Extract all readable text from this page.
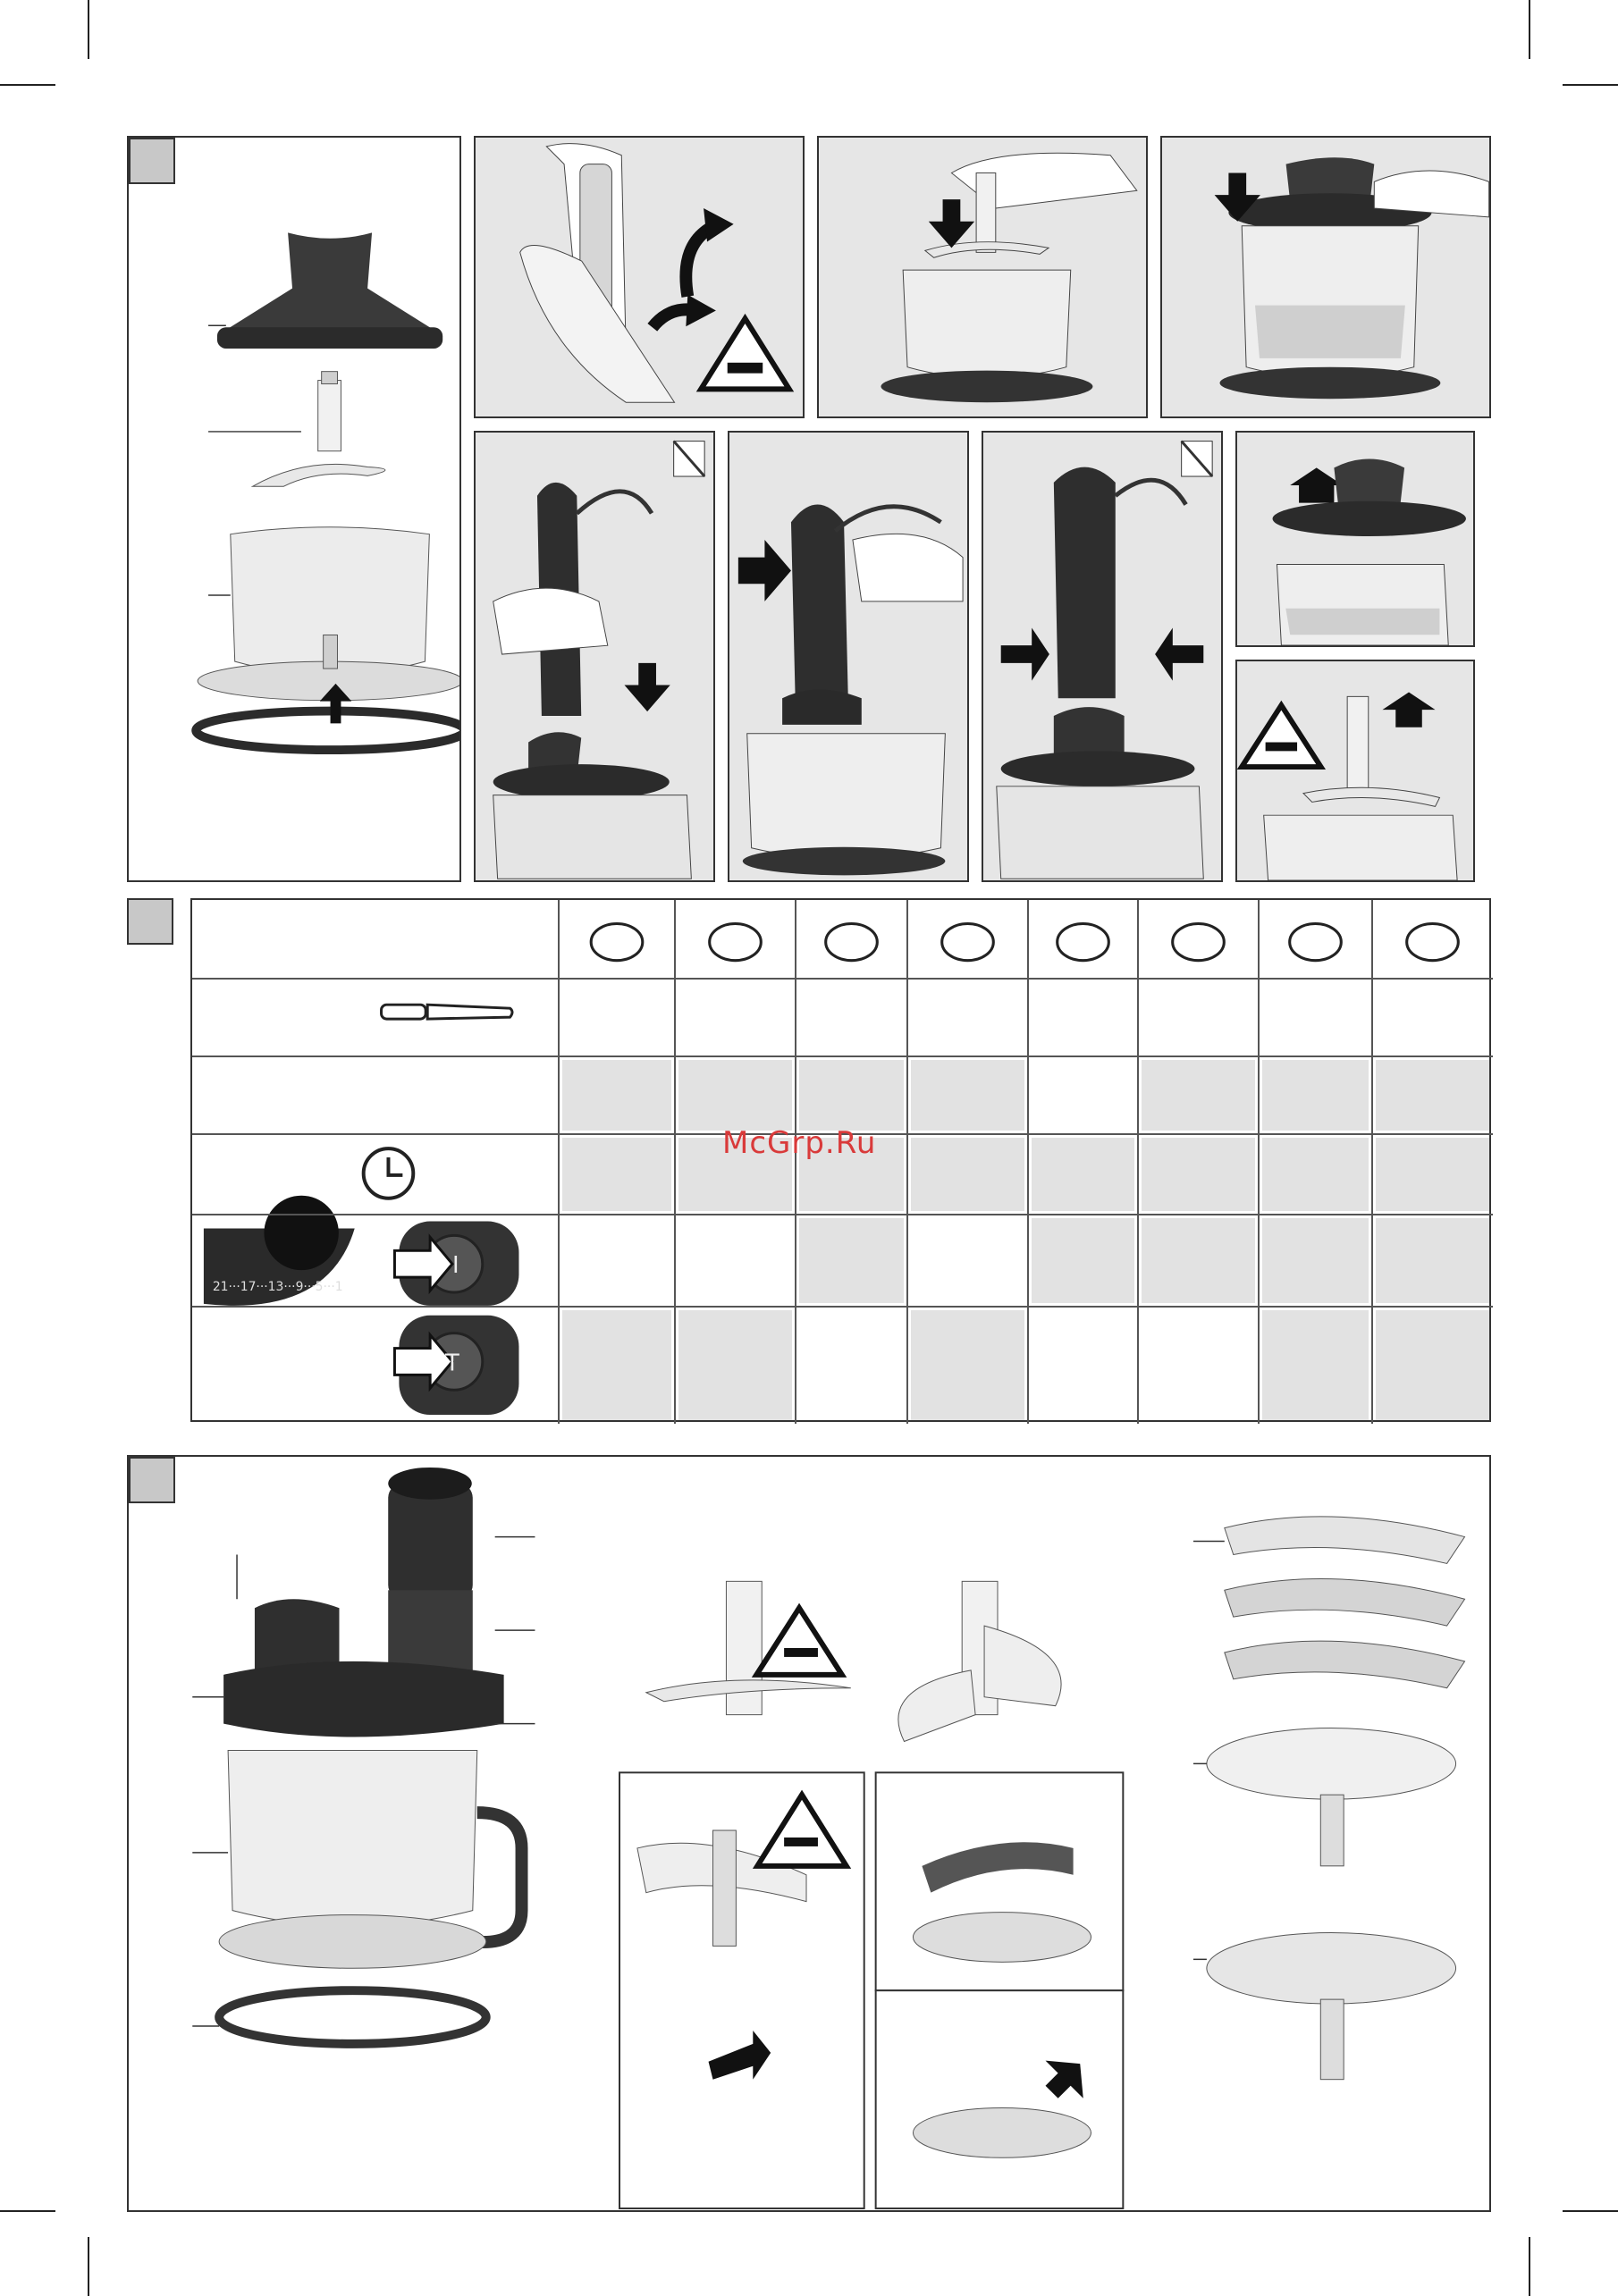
21···17···13···9···5···1
I
T
McGrp.Ru
